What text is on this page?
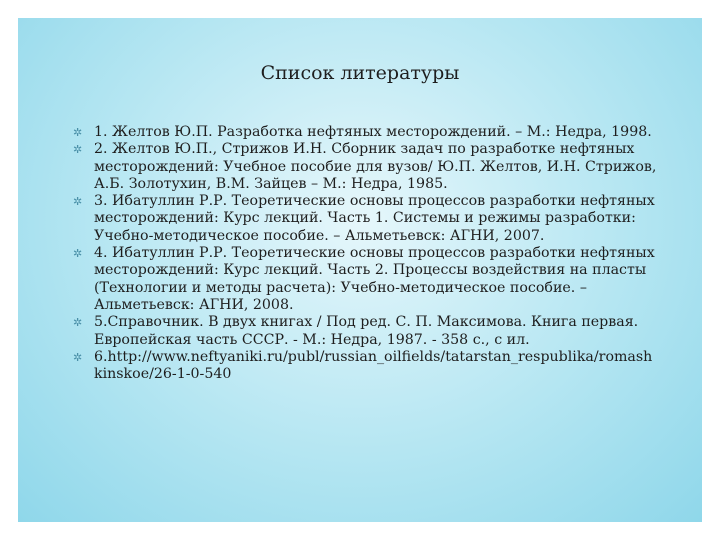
Список литературы
✲ 1. Желтов Ю.П. Разработка нефтяных месторождений. – М.: Недра, 1998.
✲ 2. Желтов Ю.П., Стрижов И.Н. Сборник задач по разработке нефтяных месторождений: Учебное пособие для вузов/ Ю.П. Желтов, И.Н. Стрижов, А.Б. Золотухин, В.М. Зайцев – М.: Недра, 1985.
✲ 3. Ибатуллин Р.Р. Теоретические основы процессов разработки нефтяных месторождений: Курс лекций. Часть 1. Системы и режимы разработки: Учебно-методическое пособие. – Альметьевск: АГНИ, 2007.
✲ 4. Ибатуллин Р.Р. Теоретические основы процессов разработки нефтяных месторождений: Курс лекций. Часть 2. Процессы воздействия на пласты (Технологии и методы расчета): Учебно-методическое пособие. – Альметьевск: АГНИ, 2008.
✲ 5.Справочник. В двух книгах / Под ред. С. П. Максимова. Книга первая. Европейская часть СССР. - М.: Недра, 1987. - 358 с., с ил.
✲ 6.http://www.neftyaniki.ru/publ/russian_oilfields/tatarstan_respublika/romashkinskoe/26-1-0-540
